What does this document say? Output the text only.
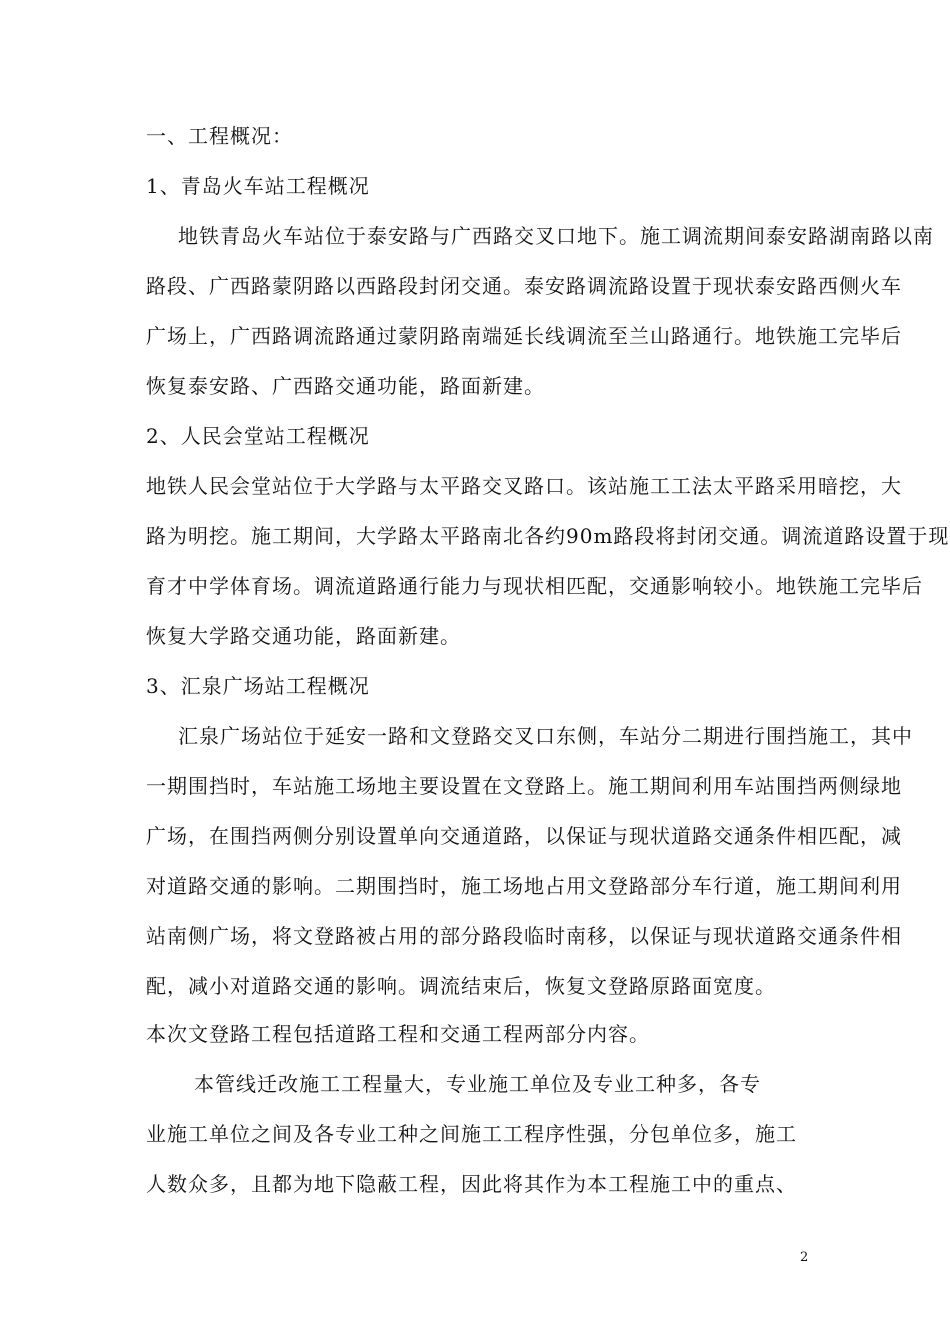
一、工程概况：
1、青岛火车站工程概况
地铁青岛火车站位于泰安路与广西路交叉口地下。施工调流期间泰安路湖南路以南
路段、广西路蒙阴路以西路段封闭交通。泰安路调流路设置于现状泰安路西侧火车
广场上，广西路调流路通过蒙阴路南端延长线调流至兰山路通行。地铁施工完毕后
恢复泰安路、广西路交通功能，路面新建。
2、人民会堂站工程概况
地铁人民会堂站位于大学路与太平路交叉路口。该站施工工法太平路采用暗挖，大
路为明挖。施工期间，大学路太平路南北各约90m路段将封闭交通。调流道路设置于现
育才中学体育场。调流道路通行能力与现状相匹配，交通影响较小。地铁施工完毕后
恢复大学路交通功能，路面新建。
3、汇泉广场站工程概况
汇泉广场站位于延安一路和文登路交叉口东侧，车站分二期进行围挡施工，其中
一期围挡时，车站施工场地主要设置在文登路上。施工期间利用车站围挡两侧绿地
广场，在围挡两侧分别设置单向交通道路，以保证与现状道路交通条件相匹配，减
对道路交通的影响。二期围挡时，施工场地占用文登路部分车行道，施工期间利用
站南侧广场，将文登路被占用的部分路段临时南移，以保证与现状道路交通条件相
配，减小对道路交通的影响。调流结束后，恢复文登路原路面宽度。
本次文登路工程包括道路工程和交通工程两部分内容。
本管线迁改施工工程量大，专业施工单位及专业工种多，各专
业施工单位之间及各专业工种之间施工工程序性强，分包单位多，施工
人数众多，且都为地下隐蔽工程，因此将其作为本工程施工中的重点、
2
